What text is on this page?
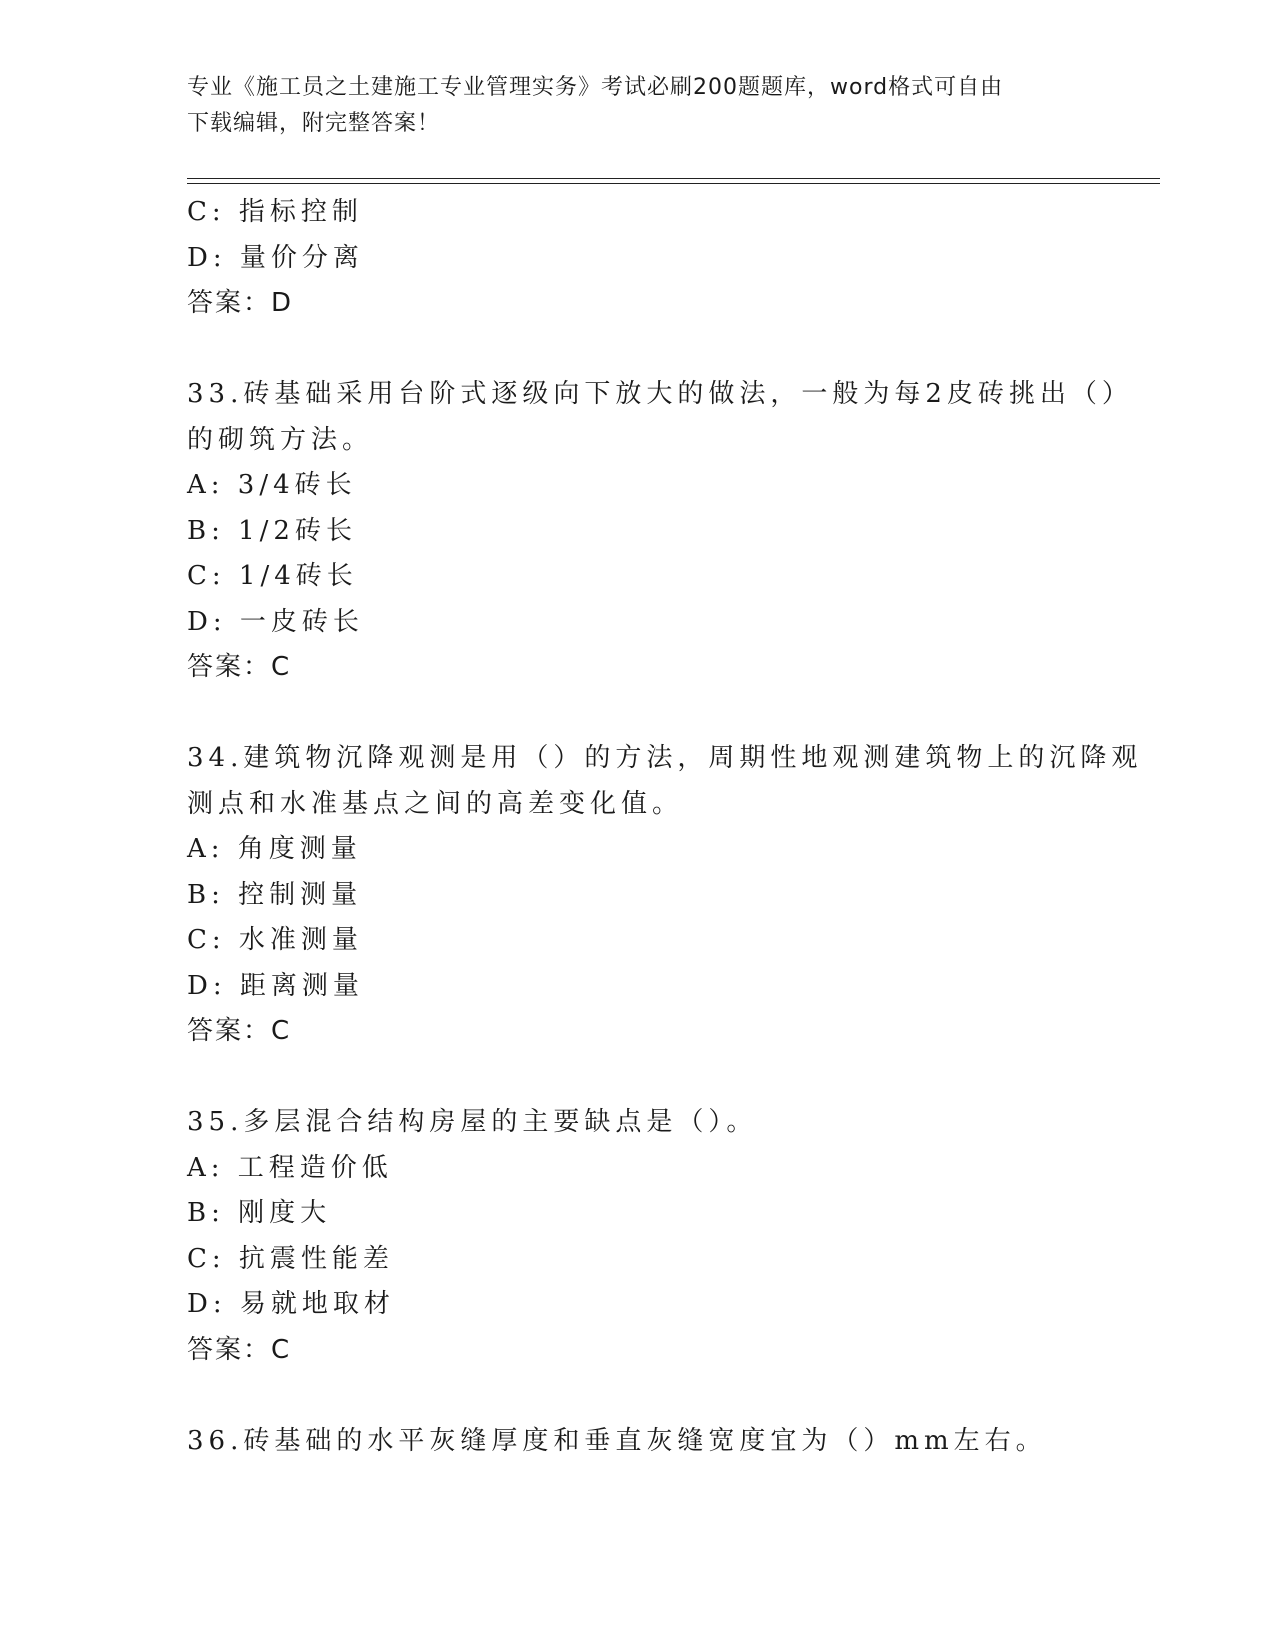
专业《施工员之土建施工专业管理实务》考试必刷200题题库，word格式可自由
下载编辑，附完整答案！
C: 指标控制
D: 量价分离
答案：D
33.砖基础采用台阶式逐级向下放大的做法，一般为每2皮砖挑出（）
的砌筑方法。
A: 3/4砖长
B: 1/2砖长
C: 1/4砖长
D: 一皮砖长
答案：C
34.建筑物沉降观测是用（）的方法，周期性地观测建筑物上的沉降观
测点和水准基点之间的高差变化值。
A: 角度测量
B: 控制测量
C: 水准测量
D: 距离测量
答案：C
35.多层混合结构房屋的主要缺点是（）。
A: 工程造价低
B: 刚度大
C: 抗震性能差
D: 易就地取材
答案：C
36.砖基础的水平灰缝厚度和垂直灰缝宽度宜为（）mm左右。
